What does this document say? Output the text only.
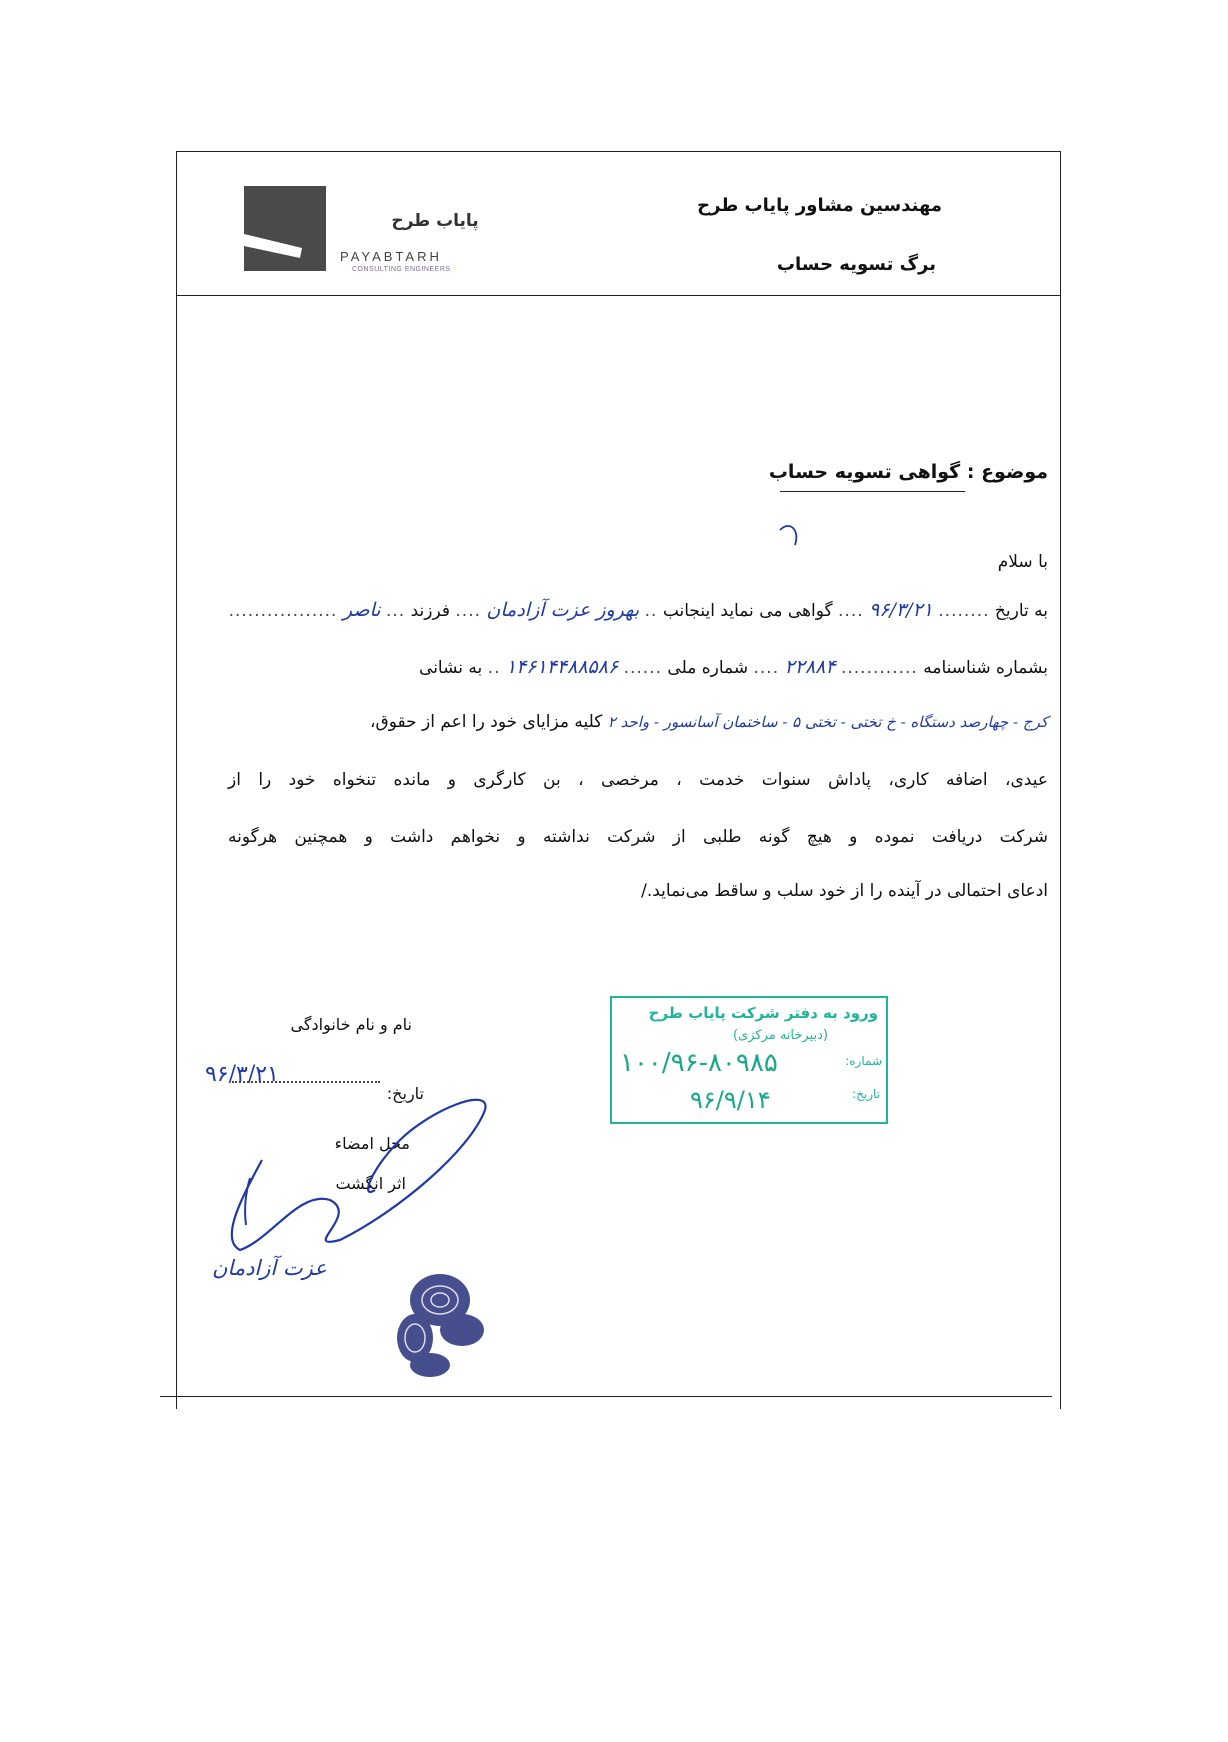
پایاب طرح
PAYABTARH
CONSULTING ENGINEERS
مهندسین مشاور پایاب طرح
برگ تسویه حساب
موضوع : گواهی تسویه حساب
با سلام
به تاریخ ........ ۹۶/۳/۲۱ .... گواهی می نماید اینجانب .. بهروز عزت آزادمان .... فرزند ... ناصر .................
بشماره شناسنامه ............ ۲۲۸۸۴ .... شماره ملی ...... ۱۴۶۱۴۴۸۸۵۸۶ .. به نشانی
کرج - چهارصد دستگاه - خ تختی - تختی ۵ - ساختمان آسانسور - واحد ۲ کلیه مزایای خود را اعم از حقوق،
عیدی، اضافه کاری، پاداش سنوات خدمت ، مرخصی ، بن کارگری و مانده تنخواه خود را از
شرکت دریافت نموده و هیچ گونه طلبی از شرکت نداشته و نخواهم داشت و همچنین هرگونه
ادعای احتمالی در آینده را از خود سلب و ساقط می‌نماید./
نام و نام خانوادگی
تاریخ:
۹۶/۳/۲۱
محل امضاء
اثر انگشت
عزت آزادمان
ورود به دفتر شرکت پایاب طرح
(دبیرخانه مرکزی)
شماره:
۱۰۰/۹۶-۸۰۹۸۵
تاریخ:
۹۶/۹/۱۴
